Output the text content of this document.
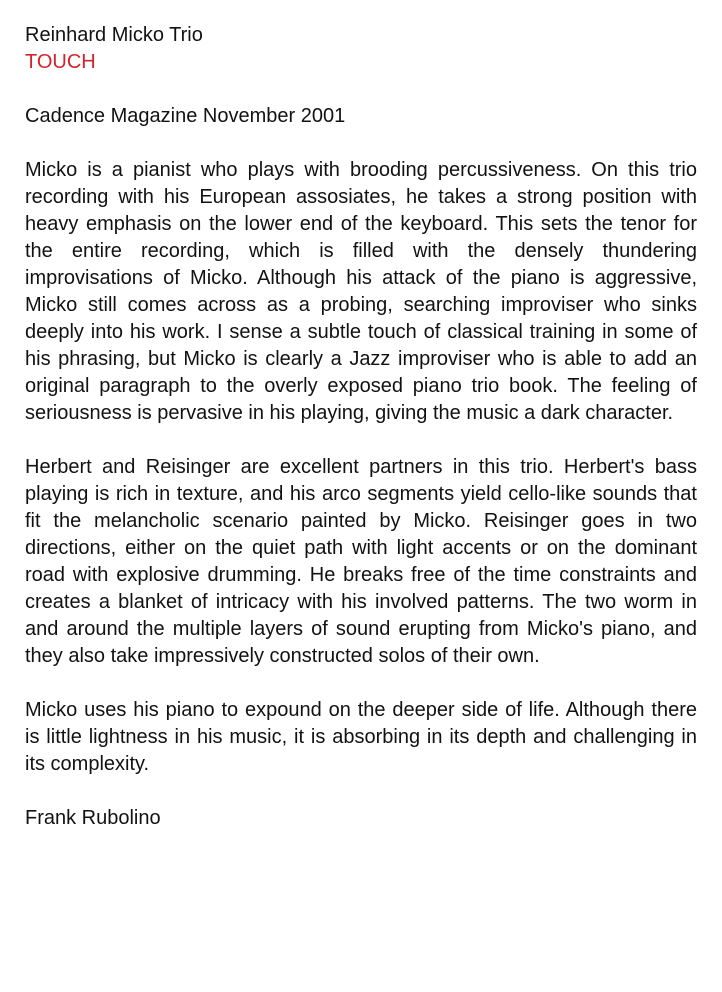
Reinhard Micko Trio
TOUCH
Cadence Magazine November 2001

Micko is a pianist who plays with brooding percussiveness. On this trio recording with his European assosiates, he takes a strong position with heavy emphasis on the lower end of the keyboard. This sets the tenor for the entire recording, which is filled with the densely thundering improvisations of Micko. Although his attack of the piano is aggressive, Micko still comes across as a probing, searching improviser who sinks deeply into his work. I sense a subtle touch of classical training in some of his phrasing, but Micko is clearly a Jazz improviser who is able to add an original paragraph to the overly exposed piano trio book. The feeling of seriousness is pervasive in his playing, giving the music a dark character.

Herbert and Reisinger are excellent partners in this trio. Herbert's bass playing is rich in texture, and his arco segments yield cello-like sounds that fit the melancholic scenario painted by Micko. Reisinger goes in two directions, either on the quiet path with light accents or on the dominant road with explosive drumming. He breaks free of the time constraints and creates a blanket of intricacy with his involved patterns. The two worm in and around the multiple layers of sound erupting from Micko's piano, and they also take impressively constructed solos of their own.

Micko uses his piano to expound on the deeper side of life. Although there is little lightness in his music, it is absorbing in its depth and challenging in its complexity.

Frank Rubolino
